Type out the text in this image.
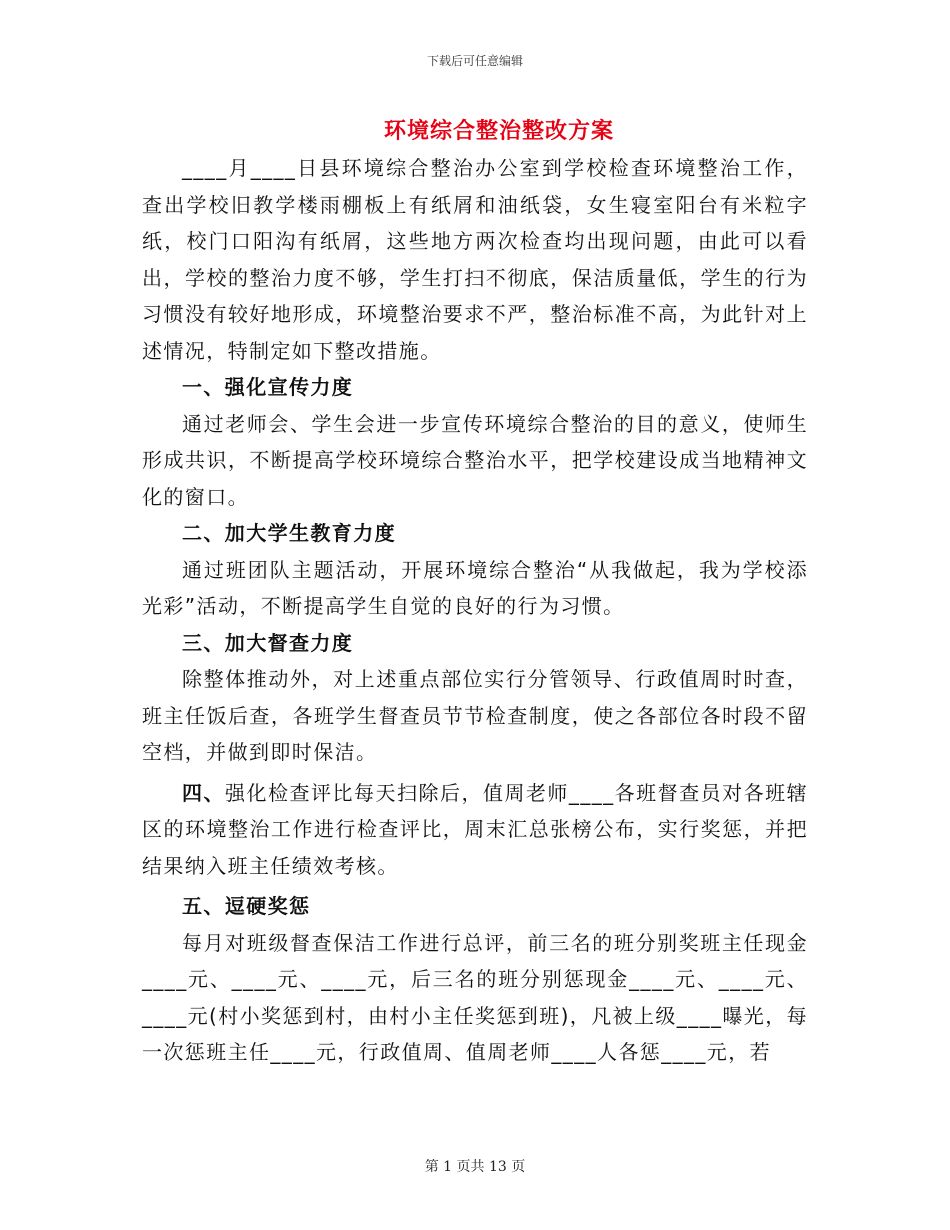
下载后可任意编辑
环境综合整治整改方案

____月____日县环境综合整治办公室到学校检查环境整治工作，查出学校旧教学楼雨棚板上有纸屑和油纸袋，女生寝室阳台有米粒字纸，校门口阳沟有纸屑，这些地方两次检查均出现问题，由此可以看出，学校的整治力度不够，学生打扫不彻底，保洁质量低，学生的行为习惯没有较好地形成，环境整治要求不严，整治标准不高，为此针对上述情况，特制定如下整改措施。

一、强化宣传力度

通过老师会、学生会进一步宣传环境综合整治的目的意义，使师生形成共识，不断提高学校环境综合整治水平，把学校建设成当地精神文化的窗口。

二、加大学生教育力度

通过班团队主题活动，开展环境综合整治“从我做起，我为学校添光彩”活动，不断提高学生自觉的良好的行为习惯。

三、加大督查力度

除整体推动外，对上述重点部位实行分管领导、行政值周时时查，班主任饭后查，各班学生督查员节节检查制度，使之各部位各时段不留空档，并做到即时保洁。

四、强化检查评比每天扫除后，值周老师____各班督查员对各班辖区的环境整治工作进行检查评比，周末汇总张榜公布，实行奖惩，并把结果纳入班主任绩效考核。

五、逗硬奖惩

每月对班级督查保洁工作进行总评，前三名的班分别奖班主任现金____元、____元、____元，后三名的班分别惩现金____元、____元、____元(村小奖惩到村，由村小主任奖惩到班)，凡被上级____曝光，每一次惩班主任____元，行政值周、值周老师____人各惩____元，若

第 1 页共 13 页
